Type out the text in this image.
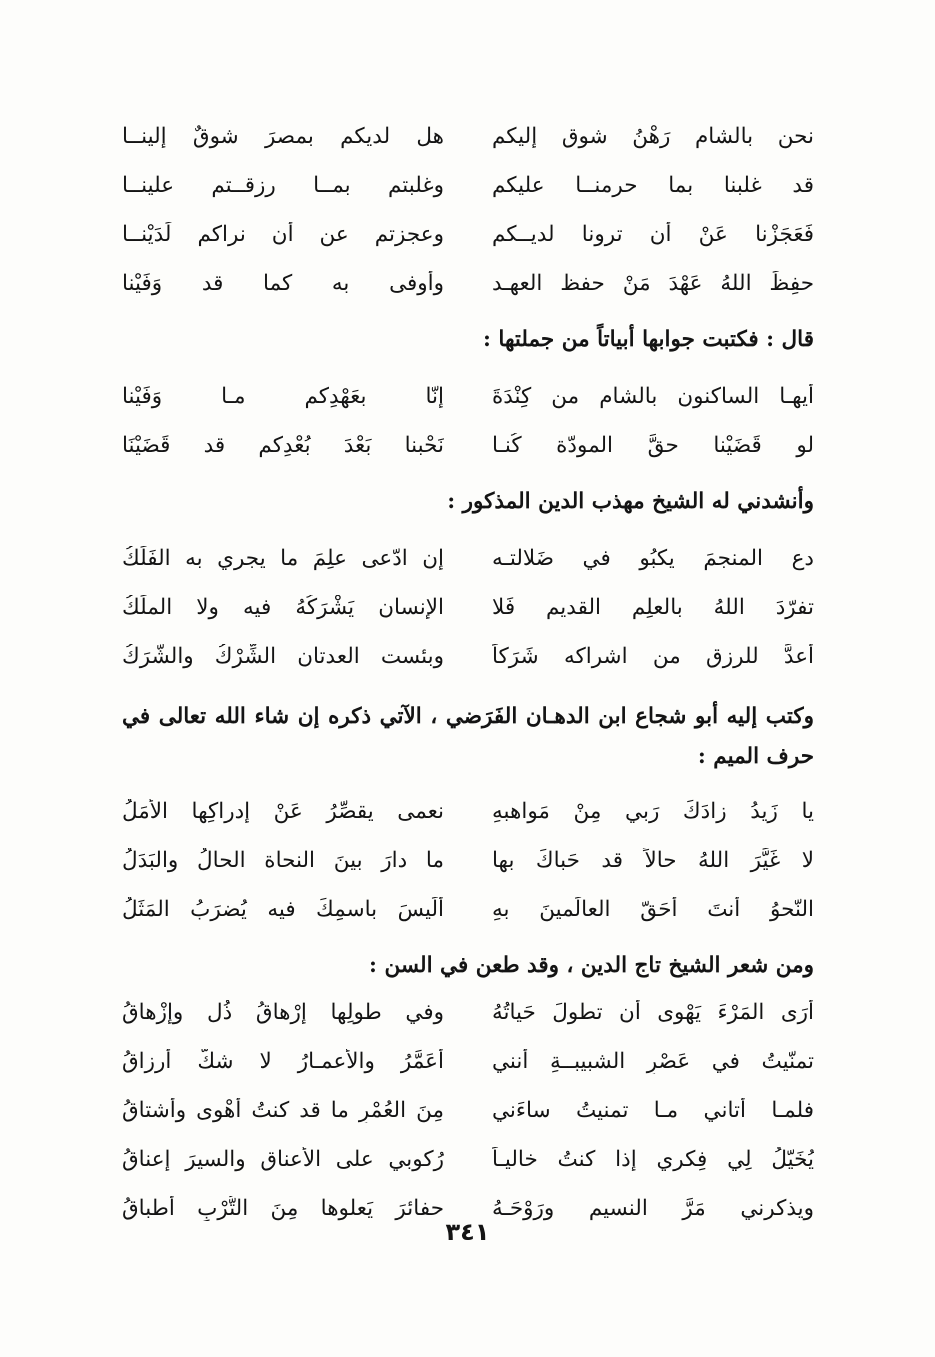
نحن بالشام رَهْنُ شوقٍ إليكم
هل لديكم بمصرَ شوقٌ إلينــا
قد غلبنا بما حرمنــا عليكم
وغلبتم بمــا رزقــتم علينــا
فَعَجَزْنا عَنْ أن ترونا لديــكم
وعجزتم عن أن نراكم لَدَيْنــا
حفِظَ اللهُ عَهْدَ مَنْ حفظ العهـد
وأوفى به كما قد وَفَيْنا

قال : فكتبت جوابها أبياتاً من جملتها :

أيهـا الساكنون بالشام من كِنْدَةَ
إنّا بعَهْدِكم مـا وَفَيْنا
لو قَضَيْنا حقَّ المودّة كُنـا
نَحْبنا بَعْدَ بُعْدِكم قد قَضَيْنَا

وأنشدني له الشيخ مهذب الدين المذكور :

دع المنجمَ يكبُو في ضَلالتـه
إن ادّعى علِمَ ما يجري به الفَلَكُ
تفرّدَ اللهُ بالعلِمِ القديم فَلا
الإنسان يَشْرَكُهُ فيه ولا الملَكُ
أعدَّ للرزق من اشراكه شَرَكاً
وبئست العدتان الشِّرْكُ والشَّرَكُ

وكتب إليه أبو شجاع ابن الدهـان الفَرَضي ، الآتي ذكره إن شاء الله تعالى في حرف الميم :

يا زَيدُ زادَكَ رَبي مِنْ مَواهبهِ
نعمى يقصِّرُ عَنْ إدراكِها الأمَلُ
لا غَيَّرَ اللهُ حالاً قد حَباكَ بها
ما دارَ بينَ النحاة الحالُ والبَدَلُ
النّحوُ أنتَ أحَقّ العالَمينَ بهِ
ألَيسَ باسمِكَ فيه يُضرَبُ المَثَلُ

ومن شعر الشيخ تاج الدين ، وقد طعن في السن :

أرَى المَرْءَ يَهْوى أن تطولَ حَياتُهُ
وفي طولِها إرْهاقُ ذُل وإزْهاقُ
تمنّيتُ في عَصْرِ الشبيبــةِ أنني
أُعَمَّرُ والأعمـارُ لا شكَّ أرزاقُ
فلمـا أتاني مـا تمنيتُ ساءَني
مِنَ العُمْرِ ما قد كنتُ أهْوى وأشتاقُ
يُخَيّلُ لِي فِكري إذا كنتُ خاليـاً
رُكوبي على الأعناق والسيرَ إعناقُ
ويذكرني مَرَّ النسيم ورَوْحَـهُ
حفائرَ يَعلوها مِنَ التُّرْبِ أطباقُ
٣٤١
